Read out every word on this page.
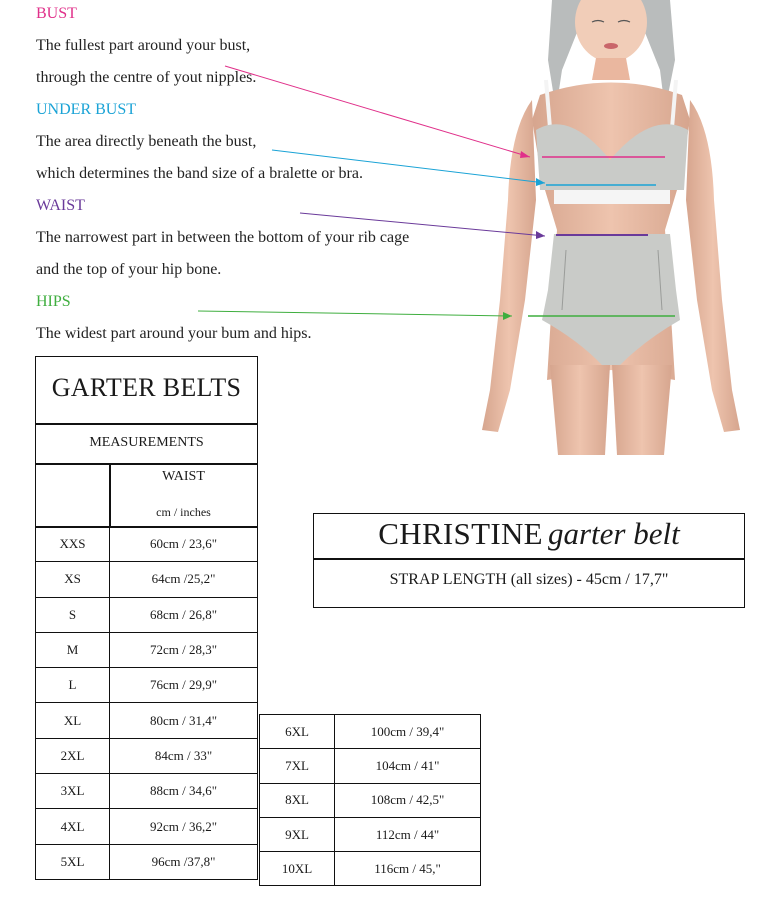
BUST
The fullest part around your bust,
through the centre of yout nipples.
UNDER BUST
The area directly beneath the bust,
which determines the band size of a bralette or bra.
WAIST
The narrowest part in between the bottom of your rib cage
and the top of your hip bone.
HIPS
The widest part around your bum and hips.
GARTER BELTS
MEASUREMENTS
WAIST
cm / inches
XXS	60cm / 23,6"
XS	64cm /25,2"
S	68cm / 26,8"
M	72cm / 28,3"
L	76cm / 29,9"
XL	80cm / 31,4"
2XL	84cm / 33"
3XL	88cm / 34,6"
4XL	92cm / 36,2"
5XL	96cm /37,8"
6XL	100cm / 39,4"
7XL	104cm / 41"
8XL	108cm / 42,5"
9XL	112cm / 44"
10XL	116cm / 45,"
CHRISTINE garter belt
STRAP LENGTH (all sizes) - 45cm / 17,7"
